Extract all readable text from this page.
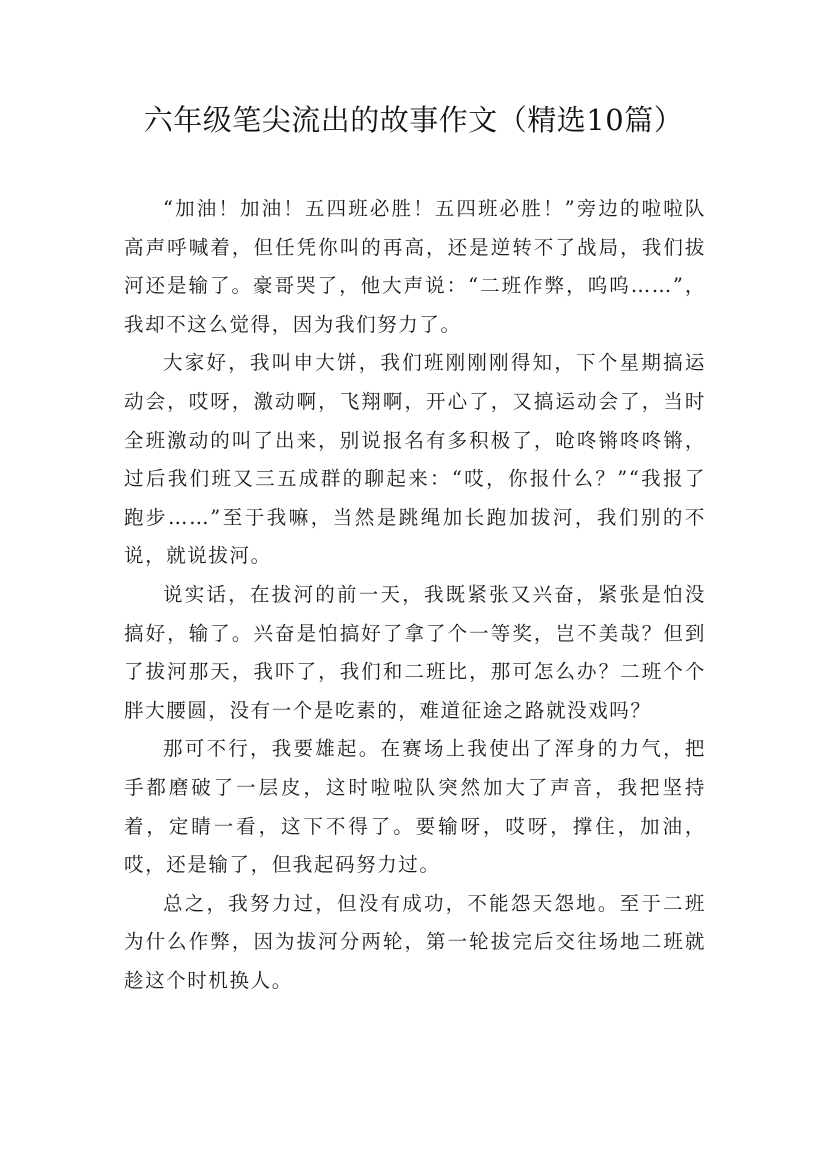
六年级笔尖流出的故事作文（精选10篇）

“加油！加油！五四班必胜！五四班必胜！”旁边的啦啦队高声呼喊着，但任凭你叫的再高，还是逆转不了战局，我们拔河还是输了。豪哥哭了，他大声说：“二班作弊，呜呜……”，我却不这么觉得，因为我们努力了。

大家好，我叫申大饼，我们班刚刚刚得知，下个星期搞运动会，哎呀，激动啊，飞翔啊，开心了，又搞运动会了，当时全班激动的叫了出来，别说报名有多积极了，呛咚锵咚咚锵，过后我们班又三五成群的聊起来：“哎，你报什么？”“我报了跑步……”至于我嘛，当然是跳绳加长跑加拔河，我们别的不说，就说拔河。

说实话，在拔河的前一天，我既紧张又兴奋，紧张是怕没搞好，输了。兴奋是怕搞好了拿了个一等奖，岂不美哉？但到了拔河那天，我吓了，我们和二班比，那可怎么办？二班个个胖大腰圆，没有一个是吃素的，难道征途之路就没戏吗？

那可不行，我要雄起。在赛场上我使出了浑身的力气，把手都磨破了一层皮，这时啦啦队突然加大了声音，我把坚持着，定睛一看，这下不得了。要输呀，哎呀，撑住，加油，哎，还是输了，但我起码努力过。

总之，我努力过，但没有成功，不能怨天怨地。至于二班为什么作弊，因为拔河分两轮，第一轮拔完后交往场地二班就趁这个时机换人。
